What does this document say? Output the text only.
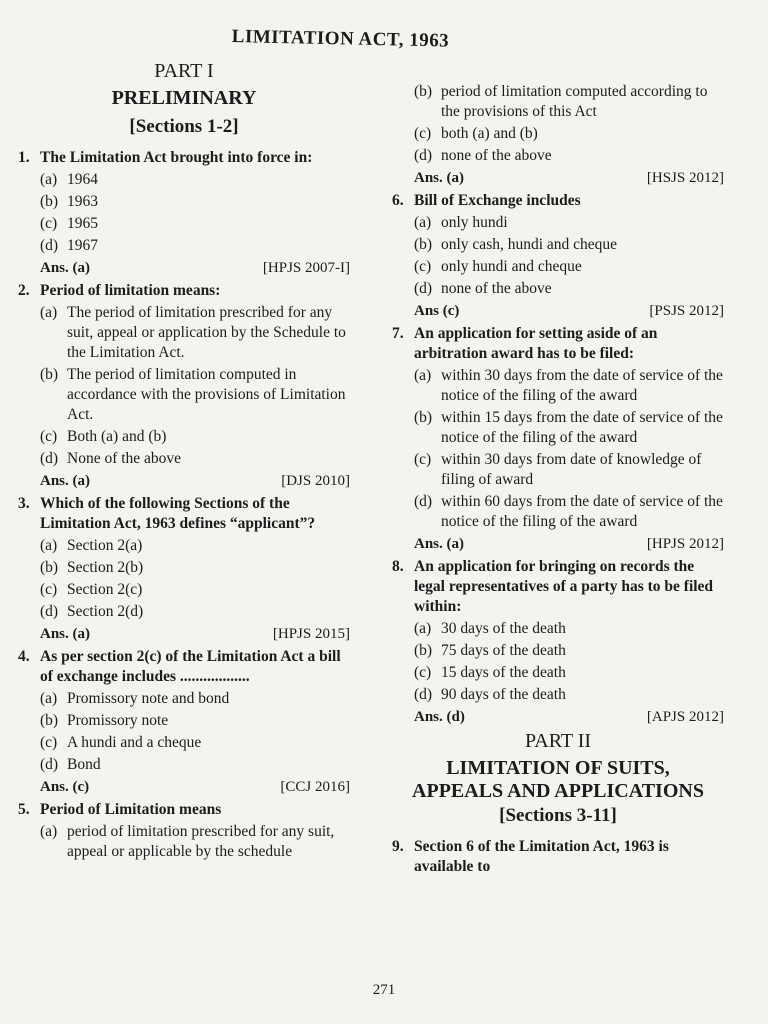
LIMITATION ACT, 1963
PART I
PRELIMINARY
[Sections 1-2]
1. The Limitation Act brought into force in:
(a) 1964
(b) 1963
(c) 1965
(d) 1967
Ans. (a)	[HPJS 2007-I]
2. Period of limitation means:
(a) The period of limitation prescribed for any suit, appeal or application by the Schedule to the Limitation Act.
(b) The period of limitation computed in accordance with the provisions of Limitation Act.
(c) Both (a) and (b)
(d) None of the above
Ans. (a)	[DJS 2010]
3. Which of the following Sections of the Limitation Act, 1963 defines “applicant”?
(a) Section 2(a)
(b) Section 2(b)
(c) Section 2(c)
(d) Section 2(d)
Ans. (a)	[HPJS 2015]
4. As per section 2(c) of the Limitation Act a bill of exchange includes ..................
(a) Promissory note and bond
(b) Promissory note
(c) A hundi and a cheque
(d) Bond
Ans. (c)	[CCJ 2016]
5. Period of Limitation means
(a) period of limitation prescribed for any suit, appeal or applicable by the schedule
(b) period of limitation computed according to the provisions of this Act
(c) both (a) and (b)
(d) none of the above
Ans. (a)	[HSJS 2012]
6. Bill of Exchange includes
(a) only hundi
(b) only cash, hundi and cheque
(c) only hundi and cheque
(d) none of the above
Ans (c)	[PSJS 2012]
7. An application for setting aside of an arbitration award has to be filed:
(a) within 30 days from the date of service of the notice of the filing of the award
(b) within 15 days from the date of service of the notice of the filing of the award
(c) within 30 days from date of knowledge of filing of award
(d) within 60 days from the date of service of the notice of the filing of the award
Ans. (a)	[HPJS 2012]
8. An application for bringing on records the legal representatives of a party has to be filed within:
(a) 30 days of the death
(b) 75 days of the death
(c) 15 days of the death
(d) 90 days of the death
Ans. (d)	[APJS 2012]
PART II
LIMITATION OF SUITS,
APPEALS AND APPLICATIONS
[Sections 3-11]
9. Section 6 of the Limitation Act, 1963 is available to
271
